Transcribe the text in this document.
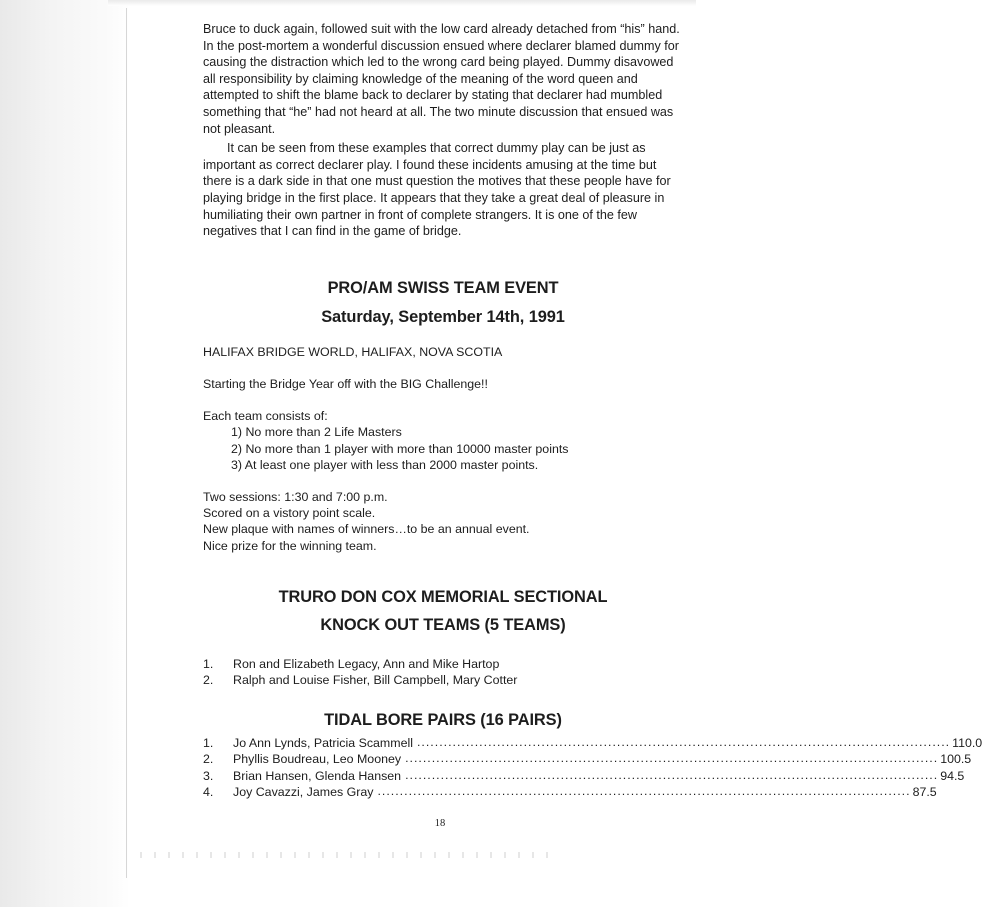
Bruce to duck again, followed suit with the low card already detached from “his” hand. In the post-mortem a wonderful discussion ensued where declarer blamed dummy for causing the distraction which led to the wrong card being played. Dummy disavowed all responsibility by claiming knowledge of the meaning of the word queen and attempted to shift the blame back to declarer by stating that declarer had mumbled something that “he” had not heard at all. The two minute discussion that ensued was not pleasant.

It can be seen from these examples that correct dummy play can be just as important as correct declarer play. I found these incidents amusing at the time but there is a dark side in that one must question the motives that these people have for playing bridge in the first place. It appears that they take a great deal of pleasure in humiliating their own partner in front of complete strangers. It is one of the few negatives that I can find in the game of bridge.

PRO/AM SWISS TEAM EVENT
Saturday, September 14th, 1991

HALIFAX BRIDGE WORLD, HALIFAX, NOVA SCOTIA

Starting the Bridge Year off with the BIG Challenge!!

Each team consists of:

1) No more than 2 Life Masters

2) No more than 1 player with more than 10000 master points

3) At least one player with less than 2000 master points.

Two sessions: 1:30 and 7:00 p.m.

Scored on a vistory point scale.

New plaque with names of winners…to be an annual event.

Nice prize for the winning team.

TRURO DON COX MEMORIAL SECTIONAL
KNOCK OUT TEAMS (5 TEAMS)
1.	Ron and Elizabeth Legacy, Ann and Mike Hartop
2.	Ralph and Louise Fisher, Bill Campbell, Mary Cotter
TIDAL BORE PAIRS (16 PAIRS)
1.	Jo Ann Lynds, Patricia Scammell ........................................................................................................................ 110.0
2.	Phyllis Boudreau, Leo Mooney ........................................................................................................................ 100.5
3.	Brian Hansen, Glenda Hansen ........................................................................................................................ 94.5
4.	Joy Cavazzi, James Gray ........................................................................................................................ 87.5
18
